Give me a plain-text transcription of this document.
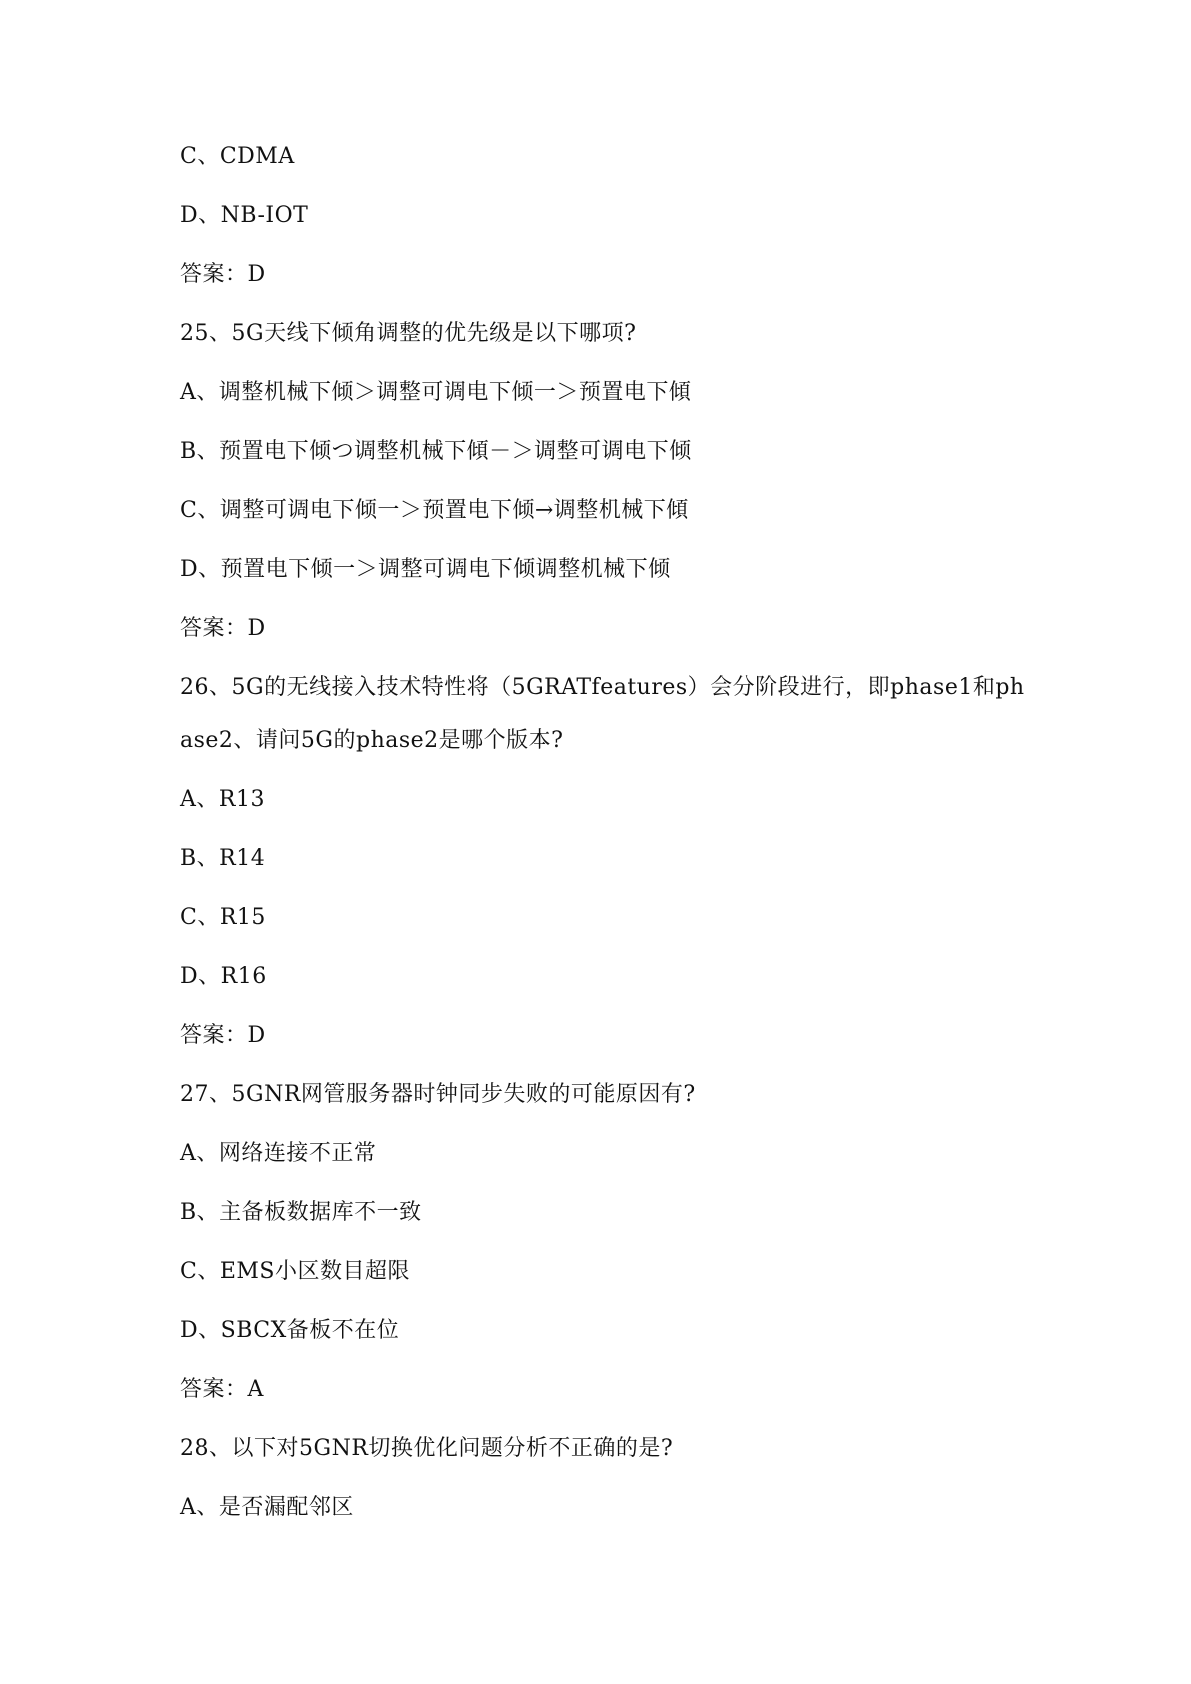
C、CDMA
D、NB-IOT
答案：D
25、5G天线下倾角调整的优先级是以下哪项?
A、调整机械下倾＞调整可调电下倾一＞预置电下傾
B、预置电下倾つ调整机械下傾－＞调整可调电下倾
C、调整可调电下倾一＞预置电下倾→调整机械下傾
D、预置电下倾一＞调整可调电下倾调整机械下倾
答案：D
26、5G的无线接入技术特性将（5GRATfeatures）会分阶段进行，即phase1和ph
ase2、请问5G的phase2是哪个版本?
A、R13
B、R14
C、R15
D、R16
答案：D
27、5GNR网管服务器时钟同步失败的可能原因有?
A、网络连接不正常
B、主备板数据库不一致
C、EMS小区数目超限
D、SBCX备板不在位
答案：A
28、以下对5GNR切换优化问题分析不正确的是?
A、是否漏配邻区
